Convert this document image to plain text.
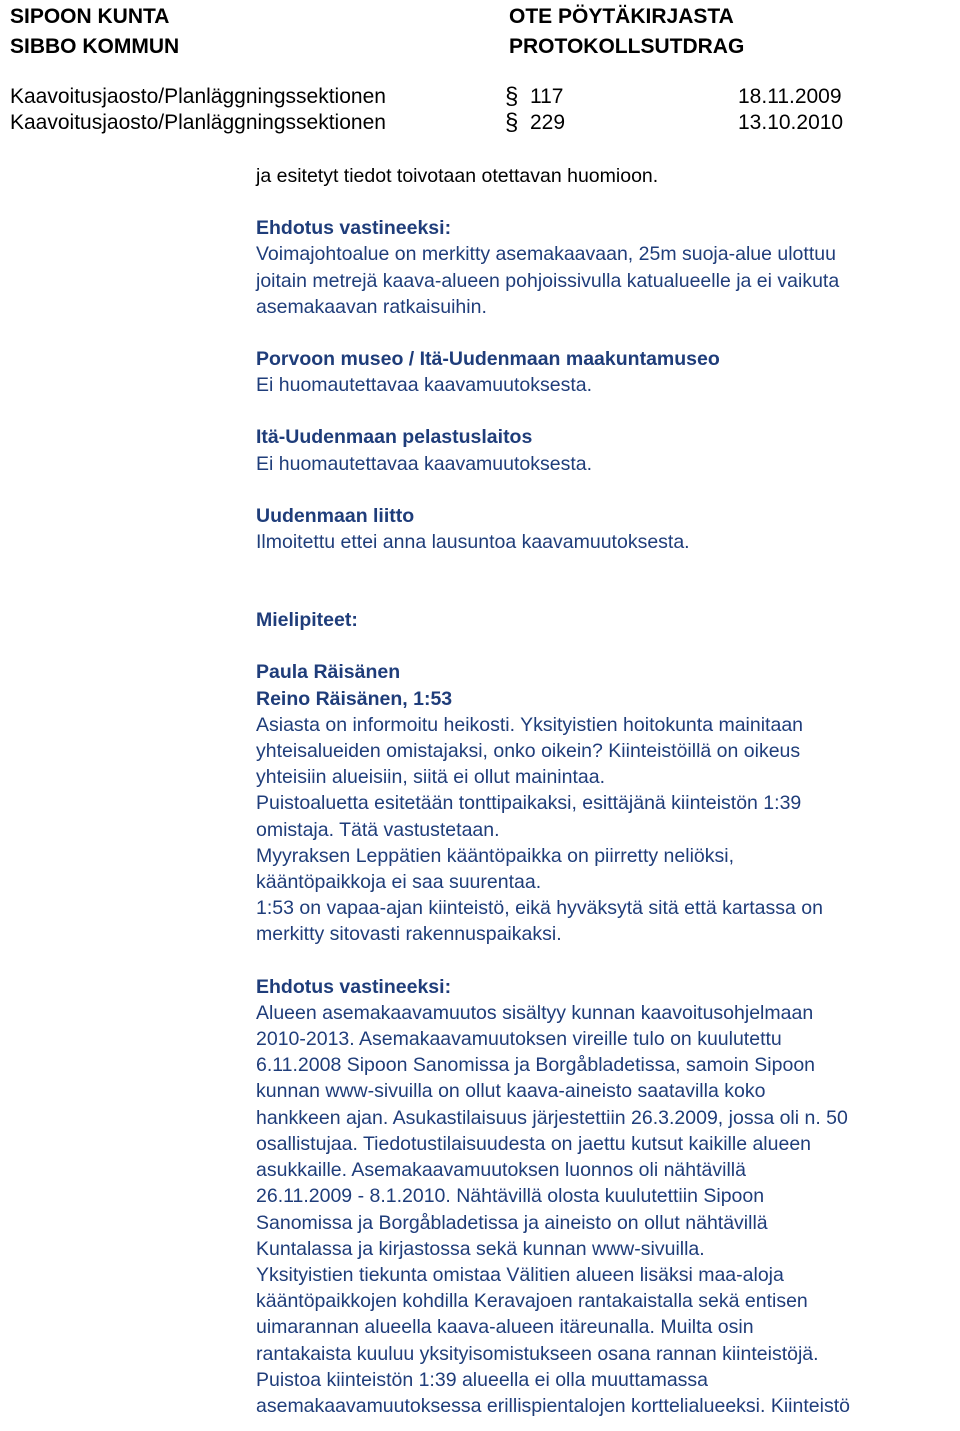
SIPOON KUNTA
SIBBO KOMMUN
OTE PÖYTÄKIRJASTA
PROTOKOLLSUTDRAG
Kaavoitusjaosto/Planläggningssektionen	§ 117	18.11.2009
Kaavoitusjaosto/Planläggningssektionen	§ 229	13.10.2010

ja esitetyt tiedot toivotaan otettavan huomioon.

Ehdotus vastineeksi:

Voimajohtoalue on merkitty asemakaavaan, 25m suoja-alue ulottuu

joitain metrejä kaava-alueen pohjoissivulla katualueelle ja ei vaikuta

asemakaavan ratkaisuihin.

Porvoon museo / Itä-Uudenmaan maakuntamuseo

Ei huomautettavaa kaavamuutoksesta.

Itä-Uudenmaan pelastuslaitos

Ei huomautettavaa kaavamuutoksesta.

Uudenmaan liitto

Ilmoitettu ettei anna lausuntoa kaavamuutoksesta.

Mielipiteet:

Paula Räisänen

Reino Räisänen, 1:53

Asiasta on informoitu heikosti. Yksityistien hoitokunta mainitaan

yhteisalueiden omistajaksi, onko oikein? Kiinteistöillä on oikeus

yhteisiin alueisiin, siitä ei ollut mainintaa.

Puistoaluetta esitetään tonttipaikaksi, esittäjänä kiinteistön 1:39

omistaja. Tätä vastustetaan.

Myyraksen Leppätien kääntöpaikka on piirretty neliöksi,

kääntöpaikkoja ei saa suurentaa.

1:53 on vapaa-ajan kiinteistö, eikä hyväksytä sitä että kartassa on

merkitty sitovasti rakennuspaikaksi.

Ehdotus vastineeksi:

Alueen asemakaavamuutos sisältyy kunnan kaavoitusohjelmaan

2010-2013. Asemakaavamuutoksen vireille tulo on kuulutettu

6.11.2008 Sipoon Sanomissa ja Borgåbladetissa, samoin Sipoon

kunnan www-sivuilla on ollut kaava-aineisto saatavilla koko

hankkeen ajan. Asukastilaisuus järjestettiin 26.3.2009, jossa oli n. 50

osallistujaa. Tiedotustilaisuudesta on jaettu kutsut kaikille alueen

asukkaille. Asemakaavamuutoksen luonnos oli nähtävillä

26.11.2009 - 8.1.2010. Nähtävillä olosta kuulutettiin Sipoon

Sanomissa ja Borgåbladetissa ja aineisto on ollut nähtävillä

Kuntalassa ja kirjastossa sekä kunnan www-sivuilla.

Yksityistien tiekunta omistaa Välitien alueen lisäksi maa-aloja

kääntöpaikkojen kohdilla Keravajoen rantakaistalla sekä entisen

uimarannan alueella kaava-alueen itäreunalla. Muilta osin

rantakaista kuuluu yksityisomistukseen osana rannan kiinteistöjä.

Puistoa kiinteistön 1:39 alueella ei olla muuttamassa

asemakaavamuutoksessa erillispientalojen korttelialueeksi. Kiinteistö
